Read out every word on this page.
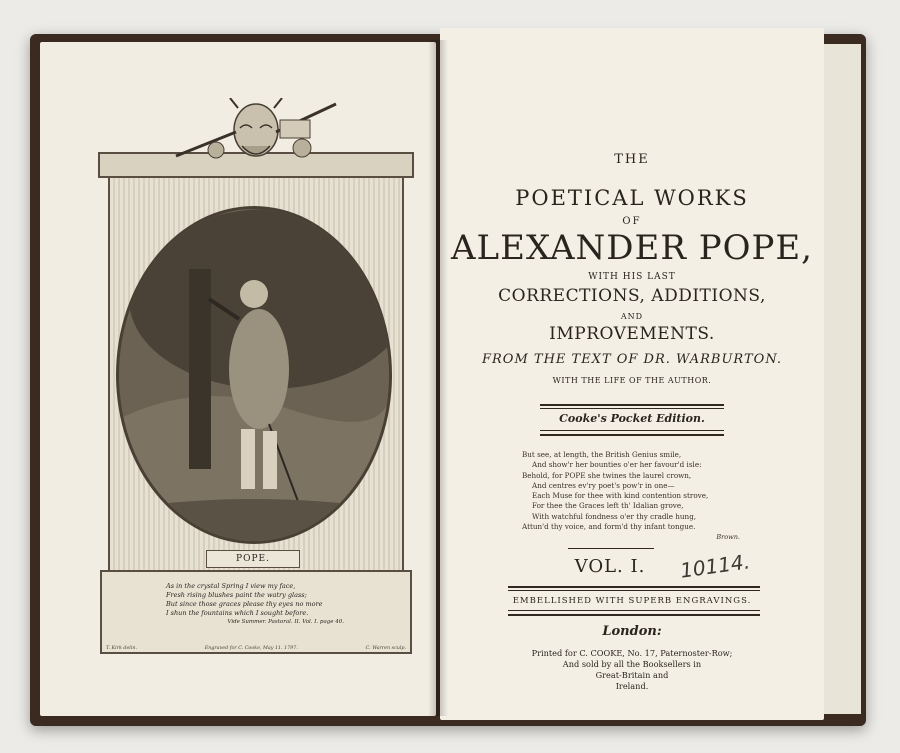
POPE.
As in the crystal Spring I view my face,
Fresh rising blushes paint the watry glass;
But since those graces please thy eyes no more
I shun the fountains which I sought before.
Vide Summer. Pastoral. II. Vol. I. page 40.
T. Kirk delin.	Engraved for C. Cooke, May 11. 1797.	C. Warren sculp.
THE
POETICAL WORKS
OF
ALEXANDER POPE,
WITH HIS LAST
CORRECTIONS, ADDITIONS,
AND
IMPROVEMENTS.
FROM THE TEXT OF DR. WARBURTON.
WITH THE LIFE OF THE AUTHOR.
Cooke's Pocket Edition.
But see, at length, the British Genius smile,
And show'r her bounties o'er her favour'd isle:
Behold, for POPE she twines the laurel crown,
And centres ev'ry poet's pow'r in one—
Each Muse for thee with kind contention strove,
For thee the Graces left th' Idalian grove,
With watchful fondness o'er thy cradle hung,
Attun'd thy voice, and form'd thy infant tongue.
Brown.
VOL. I.	10114.
EMBELLISHED WITH SUPERB ENGRAVINGS.
London:
Printed for C. COOKE, No. 17, Paternoster-Row;
And sold by all the Booksellers in
Great-Britain and
Ireland.
